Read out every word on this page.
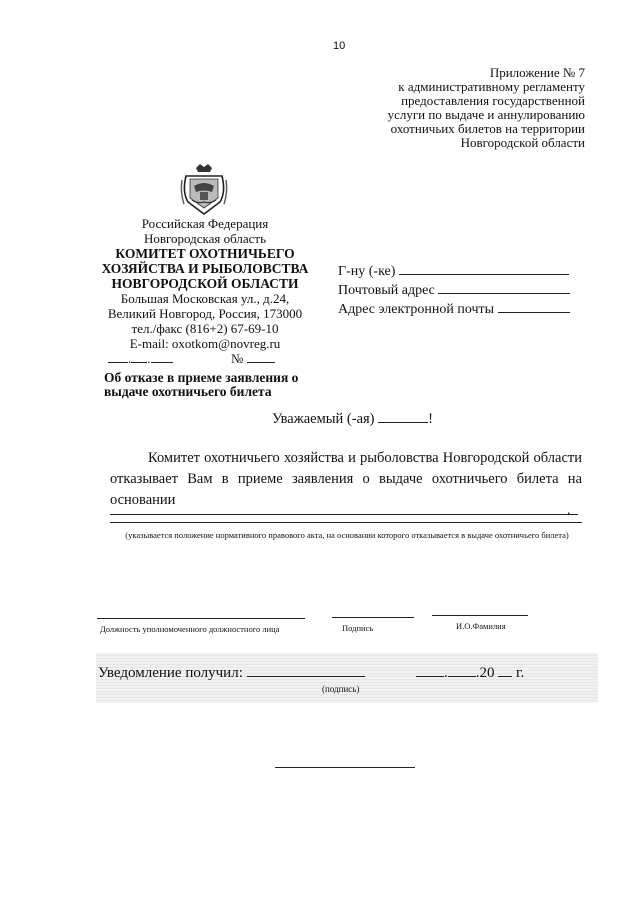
10
Приложение № 7
к административному регламенту
предоставления государственной
услуги по выдаче и аннулированию
охотничьих билетов на территории
Новгородской области
Российская Федерация
Новгородская область
КОМИТЕТ ОХОТНИЧЬЕГО
ХОЗЯЙСТВА И РЫБОЛОВСТВА
НОВГОРОДСКОЙ ОБЛАСТИ
Большая Московская ул., д.24,
Великий Новгород, Россия, 173000
тел./факс (816+2) 67-69-10
E-mail: oxotkom@novreg.ru
Г-ну (-ке)
Почтовый адрес
Адрес электронной почты
. .	№
Об отказе в приеме заявления о выдаче охотничьего билета
Уважаемый (-ая)	!
Комитет охотничьего хозяйства и рыболовства Новгородской области отказывает Вам в приеме заявления о выдаче охотничьего билета на основании
.
(указывается положение нормативного правового акта, на основании которого отказывается в выдаче охотничьего билета)
Должность уполномоченного должностного лица	Подпись	И.О.Фамилия
Уведомление получил:
(подпись)
. .20 г.
